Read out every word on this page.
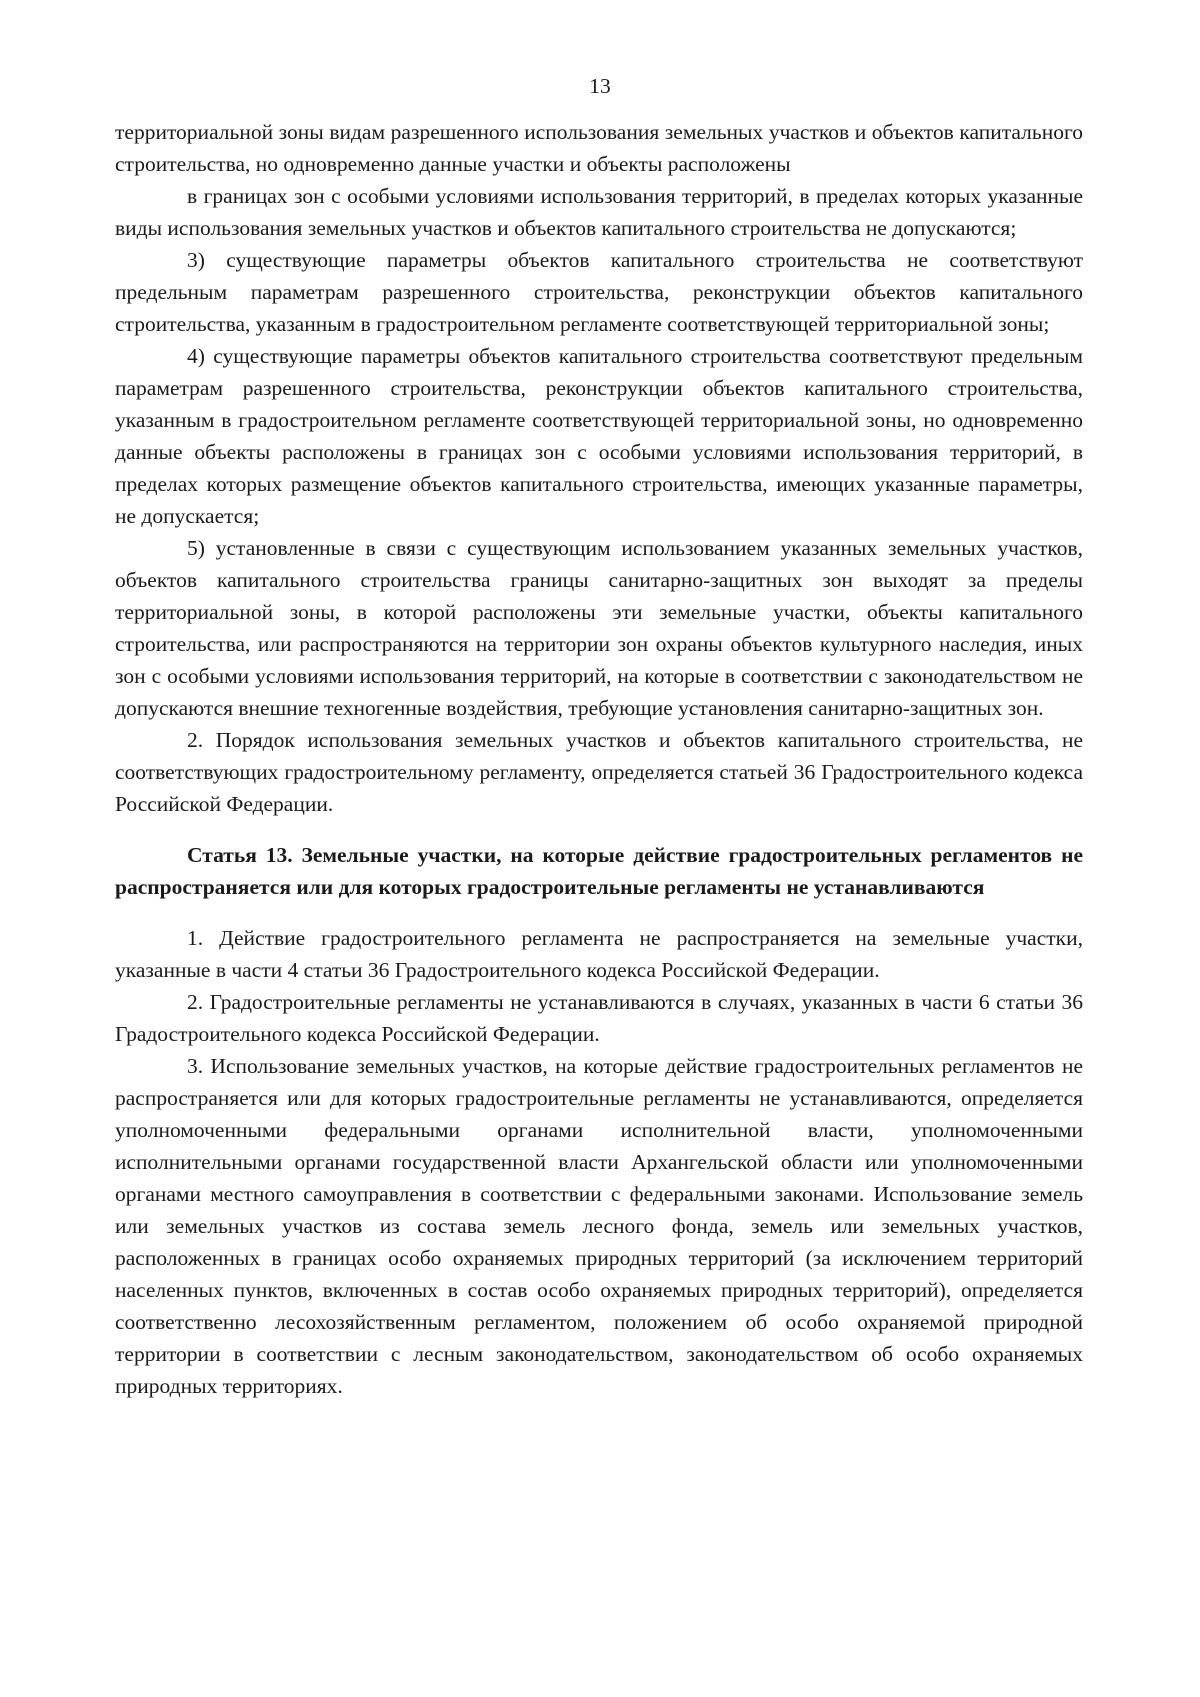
13

территориальной зоны видам разрешенного использования земельных участков и объектов капитального строительства, но одновременно данные участки и объекты расположены

в границах зон с особыми условиями использования территорий, в пределах которых указанные виды использования земельных участков и объектов капитального строительства не допускаются;

3) существующие параметры объектов капитального строительства не соответствуют предельным параметрам разрешенного строительства, реконструкции объектов капитального строительства, указанным в градостроительном регламенте соответствующей территориальной зоны;

4) существующие параметры объектов капитального строительства соответствуют предельным параметрам разрешенного строительства, реконструкции объектов капитального строительства, указанным в градостроительном регламенте соответствующей территориальной зоны, но одновременно данные объекты расположены в границах зон с особыми условиями использования территорий, в пределах которых размещение объектов капитального строительства, имеющих указанные параметры, не допускается;

5) установленные в связи с существующим использованием указанных земельных участков, объектов капитального строительства границы санитарно-защитных зон выходят за пределы территориальной зоны, в которой расположены эти земельные участки, объекты капитального строительства, или распространяются на территории зон охраны объектов культурного наследия, иных зон с особыми условиями использования территорий, на которые в соответствии с законодательством не допускаются внешние техногенные воздействия, требующие установления санитарно-защитных зон.

2. Порядок использования земельных участков и объектов капитального строительства, не соответствующих градостроительному регламенту, определяется статьей 36 Градостроительного кодекса Российской Федерации.

Статья 13. Земельные участки, на которые действие градостроительных регламентов не распространяется или для которых градостроительные регламенты не устанавливаются

1. Действие градостроительного регламента не распространяется на земельные участки, указанные в части 4 статьи 36 Градостроительного кодекса Российской Федерации.

2. Градостроительные регламенты не устанавливаются в случаях, указанных в части 6 статьи 36 Градостроительного кодекса Российской Федерации.

3. Использование земельных участков, на которые действие градостроительных регламентов не распространяется или для которых градостроительные регламенты не устанавливаются, определяется уполномоченными федеральными органами исполнительной власти, уполномоченными исполнительными органами государственной власти Архангельской области или уполномоченными органами местного самоуправления в соответствии с федеральными законами. Использование земель или земельных участков из состава земель лесного фонда, земель или земельных участков, расположенных в границах особо охраняемых природных территорий (за исключением территорий населенных пунктов, включенных в состав особо охраняемых природных территорий), определяется соответственно лесохозяйственным регламентом, положением об особо охраняемой природной территории в соответствии с лесным законодательством, законодательством об особо охраняемых природных территориях.
